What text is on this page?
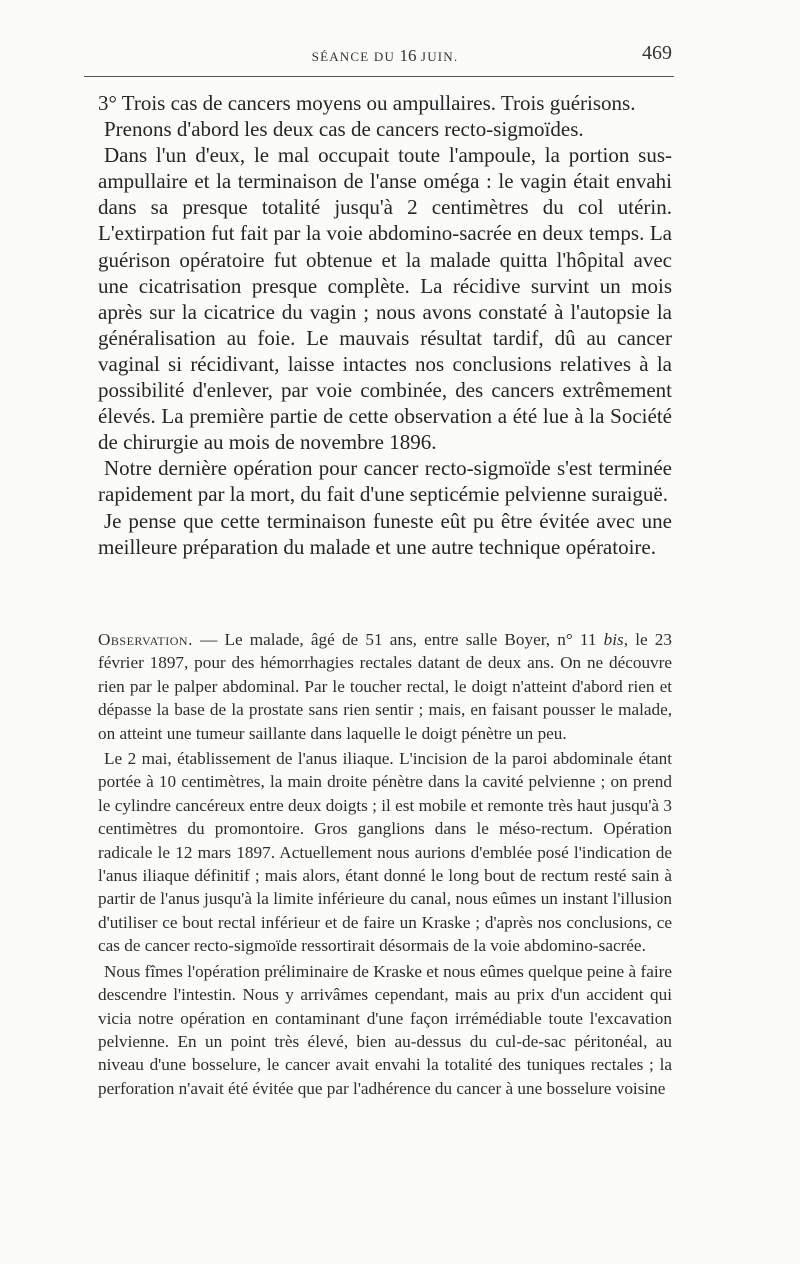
SÉANCE DU 16 JUIN.	469

3° Trois cas de cancers moyens ou ampullaires. Trois guérisons.

Prenons d'abord les deux cas de cancers recto-sigmoïdes.

Dans l'un d'eux, le mal occupait toute l'ampoule, la portion sus-ampullaire et la terminaison de l'anse oméga : le vagin était envahi dans sa presque totalité jusqu'à 2 centimètres du col utérin. L'extirpation fut fait par la voie abdomino-sacrée en deux temps. La guérison opératoire fut obtenue et la malade quitta l'hôpital avec une cicatrisation presque complète. La récidive survint un mois après sur la cicatrice du vagin ; nous avons constaté à l'autopsie la généralisation au foie. Le mauvais résultat tardif, dû au cancer vaginal si récidivant, laisse intactes nos conclusions relatives à la possibilité d'enlever, par voie combinée, des cancers extrêmement élevés. La première partie de cette observation a été lue à la Société de chirurgie au mois de novembre 1896.

Notre dernière opération pour cancer recto-sigmoïde s'est terminée rapidement par la mort, du fait d'une septicémie pelvienne suraiguë.

Je pense que cette terminaison funeste eût pu être évitée avec une meilleure préparation du malade et une autre technique opératoire.

Observation. — Le malade, âgé de 51 ans, entre salle Boyer, n° 11 bis, le 23 février 1897, pour des hémorrhagies rectales datant de deux ans. On ne découvre rien par le palper abdominal. Par le toucher rectal, le doigt n'atteint d'abord rien et dépasse la base de la prostate sans rien sentir ; mais, en faisant pousser le malade, on atteint une tumeur saillante dans laquelle le doigt pénètre un peu.

Le 2 mai, établissement de l'anus iliaque. L'incision de la paroi abdominale étant portée à 10 centimètres, la main droite pénètre dans la cavité pelvienne ; on prend le cylindre cancéreux entre deux doigts ; il est mobile et remonte très haut jusqu'à 3 centimètres du promontoire. Gros ganglions dans le méso-rectum. Opération radicale le 12 mars 1897. Actuellement nous aurions d'emblée posé l'indication de l'anus iliaque définitif ; mais alors, étant donné le long bout de rectum resté sain à partir de l'anus jusqu'à la limite inférieure du canal, nous eûmes un instant l'illusion d'utiliser ce bout rectal inférieur et de faire un Kraske ; d'après nos conclusions, ce cas de cancer recto-sigmoïde ressortirait désormais de la voie abdomino-sacrée.

Nous fîmes l'opération préliminaire de Kraske et nous eûmes quelque peine à faire descendre l'intestin. Nous y arrivâmes cependant, mais au prix d'un accident qui vicia notre opération en contaminant d'une façon irrémédiable toute l'excavation pelvienne. En un point très élevé, bien au-dessus du cul-de-sac péritonéal, au niveau d'une bosselure, le cancer avait envahi la totalité des tuniques rectales ; la perforation n'avait été évitée que par l'adhérence du cancer à une bosselure voisine
